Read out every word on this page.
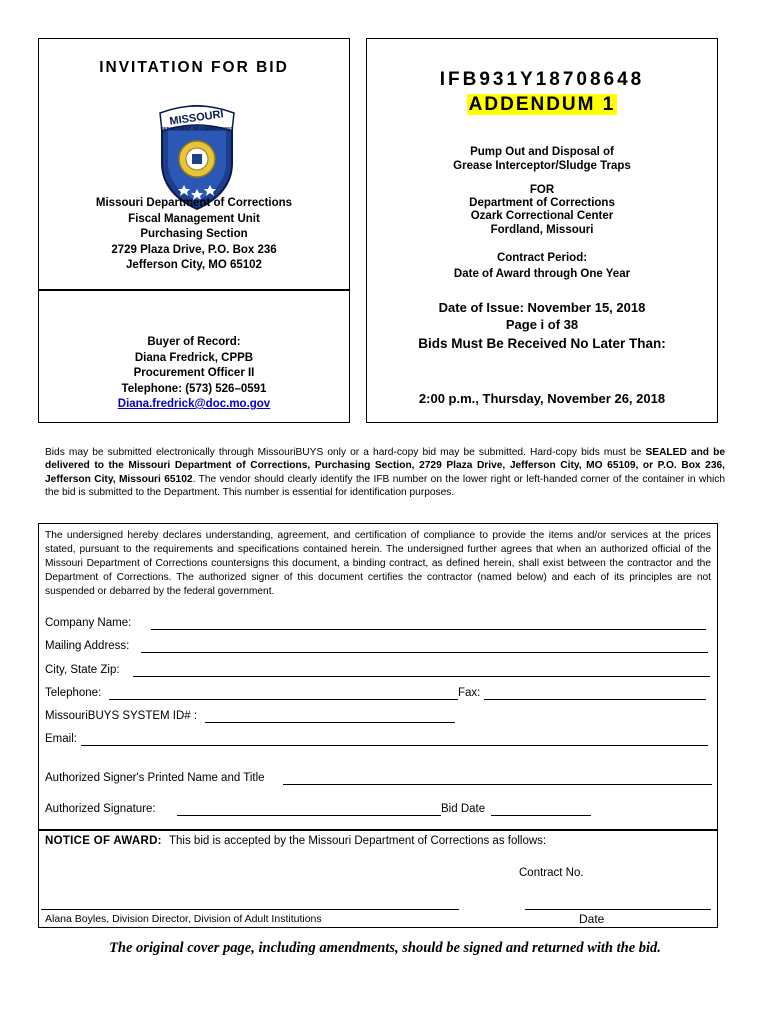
INVITATION FOR BID
MISSOURI
DEPARTMENT OF CORRECTIONS
Missouri Department of Corrections
Fiscal Management Unit
Purchasing Section
2729 Plaza Drive, P.O. Box 236
Jefferson City, MO 65102
Buyer of Record:
Diana Fredrick, CPPB
Procurement Officer II
Telephone: (573) 526–0591
Diana.fredrick@doc.mo.gov
IFB931Y18708648
ADDENDUM 1
Pump Out and Disposal of
Grease Interceptor/Sludge Traps
FOR
Department of Corrections
Ozark Correctional Center
Fordland, Missouri
Contract Period:
Date of Award through One Year
Date of Issue: November 15, 2018
Page i of 38
Bids Must Be Received No Later Than:
2:00 p.m., Thursday, November 26, 2018
Bids may be submitted electronically through MissouriBUYS only or a hard-copy bid may be submitted. Hard-copy bids must be SEALED and be delivered to the Missouri Department of Corrections, Purchasing Section, 2729 Plaza Drive, Jefferson City, MO 65109, or P.O. Box 236, Jefferson City, Missouri 65102. The vendor should clearly identify the IFB number on the lower right or left-handed corner of the container in which the bid is submitted to the Department. This number is essential for identification purposes.
The undersigned hereby declares understanding, agreement, and certification of compliance to provide the items and/or services at the prices stated, pursuant to the requirements and specifications contained herein. The undersigned further agrees that when an authorized official of the Missouri Department of Corrections countersigns this document, a binding contract, as defined herein, shall exist between the contractor and the Department of Corrections. The authorized signer of this document certifies the contractor (named below) and each of its principles are not suspended or debarred by the federal government.
Company Name:
Mailing Address:
City, State Zip:
Telephone:	Fax:
MissouriBUYS SYSTEM ID# :
Email:
Authorized Signer's Printed Name and Title
Authorized Signature:	Bid Date
NOTICE OF AWARD: This bid is accepted by the Missouri Department of Corrections as follows:
Contract No.
Alana Boyles, Division Director, Division of Adult Institutions	Date
The original cover page, including amendments, should be signed and returned with the bid.
